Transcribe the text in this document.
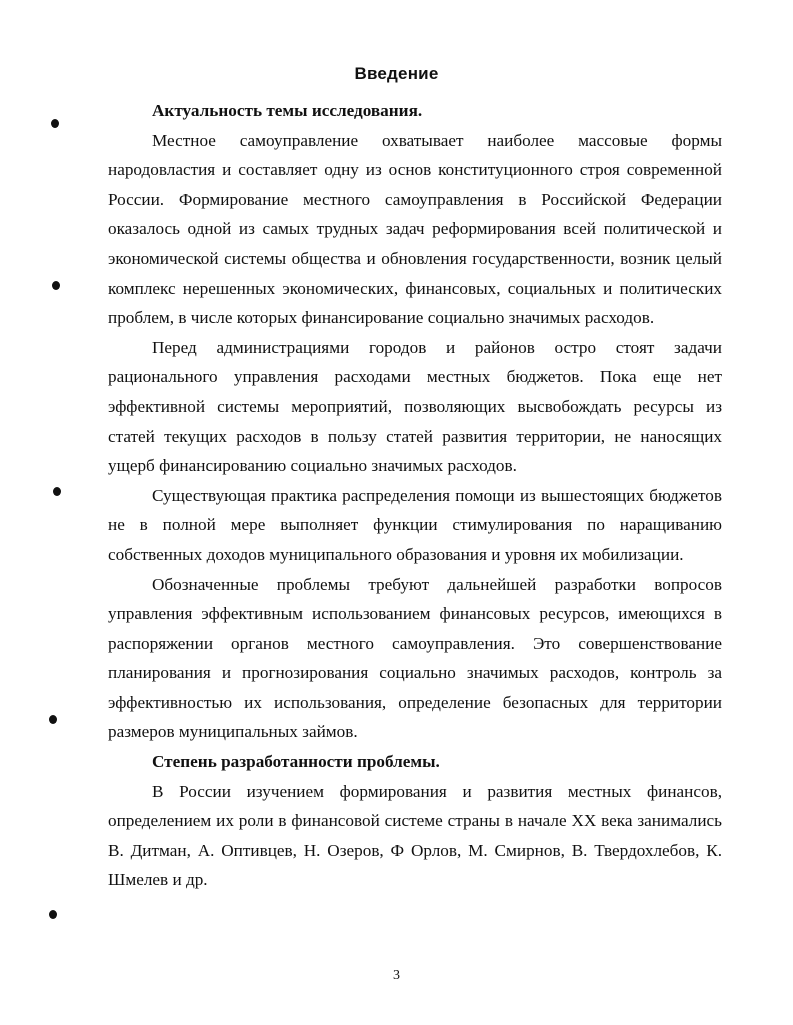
Введение

Актуальность темы исследования.

Местное самоуправление охватывает наиболее массовые формы народовластия и составляет одну из основ конституционного строя современной России. Формирование местного самоуправления в Российской Федерации оказалось одной из самых трудных задач реформирования всей политической и экономической системы общества и обновления государственности, возник целый комплекс нерешенных экономических, финансовых, социальных и политических проблем, в числе которых финансирование социально значимых расходов.

Перед администрациями городов и районов остро стоят задачи рационального управления расходами местных бюджетов. Пока еще нет эффективной системы мероприятий, позволяющих высвобождать ресурсы из статей текущих расходов в пользу статей развития территории, не наносящих ущерб финансированию социально значимых расходов.

Существующая практика распределения помощи из вышестоящих бюджетов не в полной мере выполняет функции стимулирования по наращиванию собственных доходов муниципального образования и уровня их мобилизации.

Обозначенные проблемы требуют дальнейшей разработки вопросов управления эффективным использованием финансовых ресурсов, имеющихся в распоряжении органов местного самоуправления. Это совершенствование планирования и прогнозирования социально значимых расходов, контроль за эффективностью их использования, определение безопасных для территории размеров муниципальных займов.

Степень разработанности проблемы.

В России изучением формирования и развития местных финансов, определением их роли в финансовой системе страны в начале XX века занимались В. Дитман, А. Оптивцев, Н. Озеров, Ф Орлов, М. Смирнов, В. Твердохлебов, К. Шмелев и др.

3
